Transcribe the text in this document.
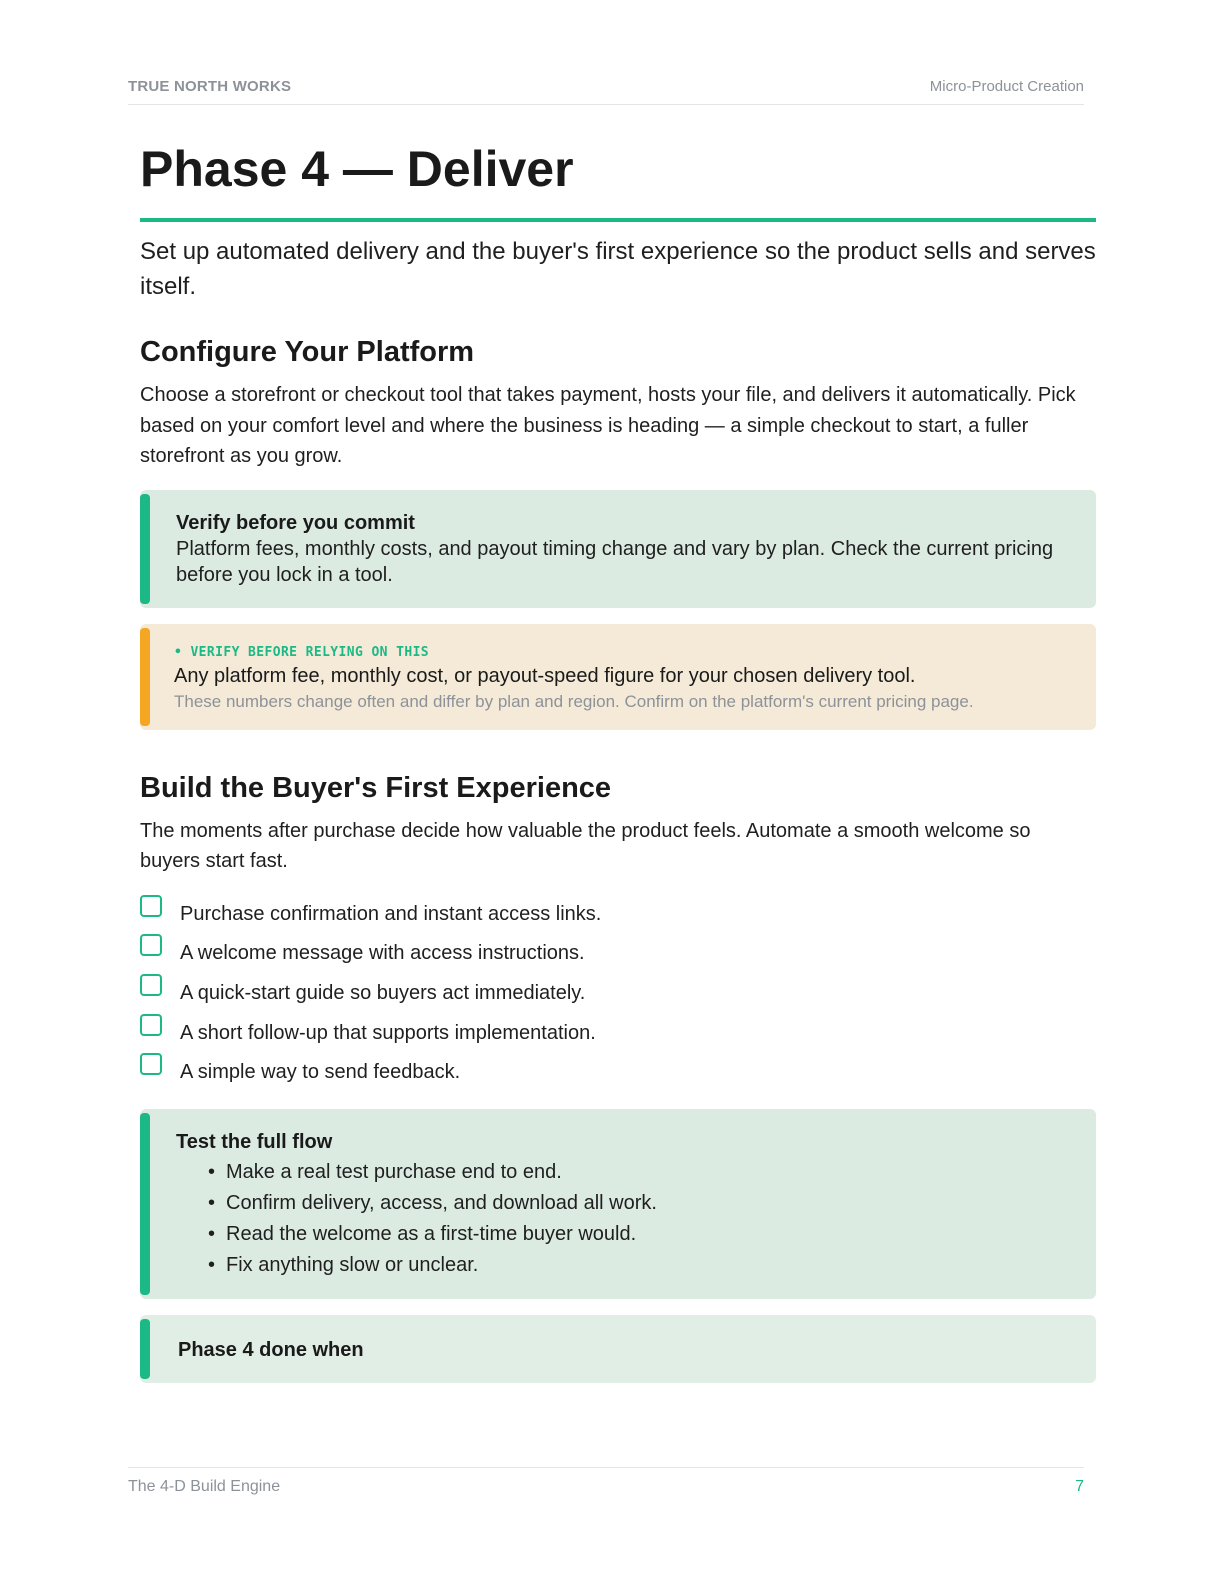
TRUE NORTH WORKS	Micro-Product Creation
Phase 4 — Deliver

Set up automated delivery and the buyer's first experience so the product sells and serves itself.

Configure Your Platform

Choose a storefront or checkout tool that takes payment, hosts your file, and delivers it automatically. Pick based on your comfort level and where the business is heading — a simple checkout to start, a fuller storefront as you grow.

Verify before you commit
Platform fees, monthly costs, and payout timing change and vary by plan. Check the current pricing before you lock in a tool.
• VERIFY BEFORE RELYING ON THIS
Any platform fee, monthly cost, or payout-speed figure for your chosen delivery tool.
These numbers change often and differ by plan and region. Confirm on the platform's current pricing page.
Build the Buyer's First Experience

The moments after purchase decide how valuable the product feels. Automate a smooth welcome so buyers start fast.

Purchase confirmation and instant access links.
A welcome message with access instructions.
A quick-start guide so buyers act immediately.
A short follow-up that supports implementation.
A simple way to send feedback.
Test the full flow
• Make a real test purchase end to end.
• Confirm delivery, access, and download all work.
• Read the welcome as a first-time buyer would.
• Fix anything slow or unclear.
Phase 4 done when
The 4-D Build Engine	7
